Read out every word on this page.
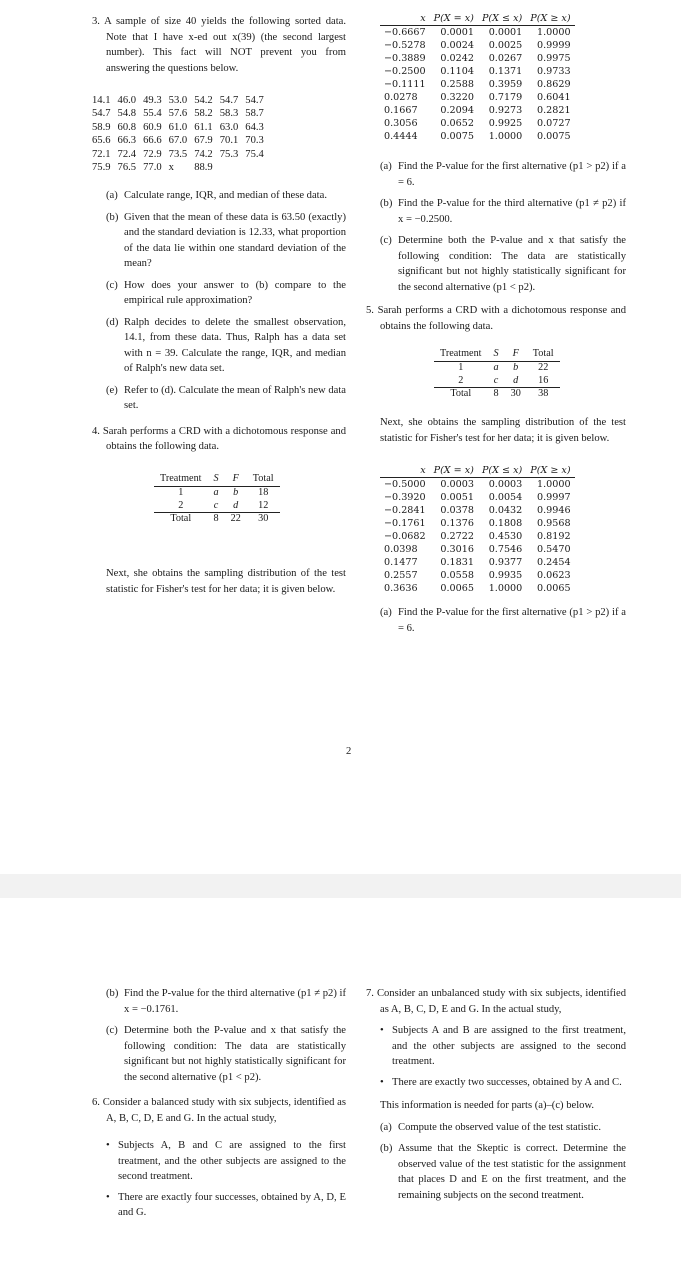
3. A sample of size 40 yields the following sorted data. Note that I have x-ed out x(39) (the second largest number). This fact will NOT prevent you from answering the questions below.

14.1	46.0	49.3	53.0	54.2	54.7	54.7
54.7	54.8	55.4	57.6	58.2	58.3	58.7
58.9	60.8	60.9	61.0	61.1	63.0	64.3
65.6	66.3	66.6	67.0	67.9	70.1	70.3
72.1	72.4	72.9	73.5	74.2	75.3	75.4
75.9	76.5	77.0	x	88.9		

(a) Calculate range, IQR, and median of these data.

(b) Given that the mean of these data is 63.50 (exactly) and the standard deviation is 12.33, what proportion of the data lie within one standard deviation of the mean?

(c) How does your answer to (b) compare to the empirical rule approximation?

(d) Ralph decides to delete the smallest observation, 14.1, from these data. Thus, Ralph has a data set with n = 39. Calculate the range, IQR, and median of Ralph's new data set.

(e) Refer to (d). Calculate the mean of Ralph's new data set.

4. Sarah performs a CRD with a dichotomous response and obtains the following data.

Treatment	S	F	Total
1	a	b	18
2	c	d	12
Total	8	22	30

Next, she obtains the sampling distribution of the test statistic for Fisher's test for her data; it is given below.

x	P(X = x)	P(X ≤ x)	P(X ≥ x)
−0.6667	0.0001	0.0001	1.0000
−0.5278	0.0024	0.0025	0.9999
−0.3889	0.0242	0.0267	0.9975
−0.2500	0.1104	0.1371	0.9733
−0.1111	0.2588	0.3959	0.8629
0.0278	0.3220	0.7179	0.6041
0.1667	0.2094	0.9273	0.2821
0.3056	0.0652	0.9925	0.0727
0.4444	0.0075	1.0000	0.0075

(a) Find the P-value for the first alternative (p1 > p2) if a = 6.

(b) Find the P-value for the third alternative (p1 ≠ p2) if x = −0.2500.

(c) Determine both the P-value and x that satisfy the following condition: The data are statistically significant but not highly statistically significant for the second alternative (p1 < p2).

5. Sarah performs a CRD with a dichotomous response and obtains the following data.

Treatment	S	F	Total
1	a	b	22
2	c	d	16
Total	8	30	38

Next, she obtains the sampling distribution of the test statistic for Fisher's test for her data; it is given below.

x	P(X = x)	P(X ≤ x)	P(X ≥ x)
−0.5000	0.0003	0.0003	1.0000
−0.3920	0.0051	0.0054	0.9997
−0.2841	0.0378	0.0432	0.9946
−0.1761	0.1376	0.1808	0.9568
−0.0682	0.2722	0.4530	0.8192
0.0398	0.3016	0.7546	0.5470
0.1477	0.1831	0.9377	0.2454
0.2557	0.0558	0.9935	0.0623
0.3636	0.0065	1.0000	0.0065

(a) Find the P-value for the first alternative (p1 > p2) if a = 6.

2

(b) Find the P-value for the third alternative (p1 ≠ p2) if x = −0.1761.

(c) Determine both the P-value and x that satisfy the following condition: The data are statistically significant but not highly statistically significant for the second alternative (p1 < p2).

6. Consider a balanced study with six subjects, identified as A, B, C, D, E and G. In the actual study,

• Subjects A, B and C are assigned to the first treatment, and the other subjects are assigned to the second treatment.

• There are exactly four successes, obtained by A, D, E and G.

7. Consider an unbalanced study with six subjects, identified as A, B, C, D, E and G. In the actual study,

• Subjects A and B are assigned to the first treatment, and the other subjects are assigned to the second treatment.

• There are exactly two successes, obtained by A and C.

This information is needed for parts (a)–(c) below.

(a) Compute the observed value of the test statistic.

(b) Assume that the Skeptic is correct. Determine the observed value of the test statistic for the assignment that places D and E on the first treatment, and the remaining subjects on the second treatment.
